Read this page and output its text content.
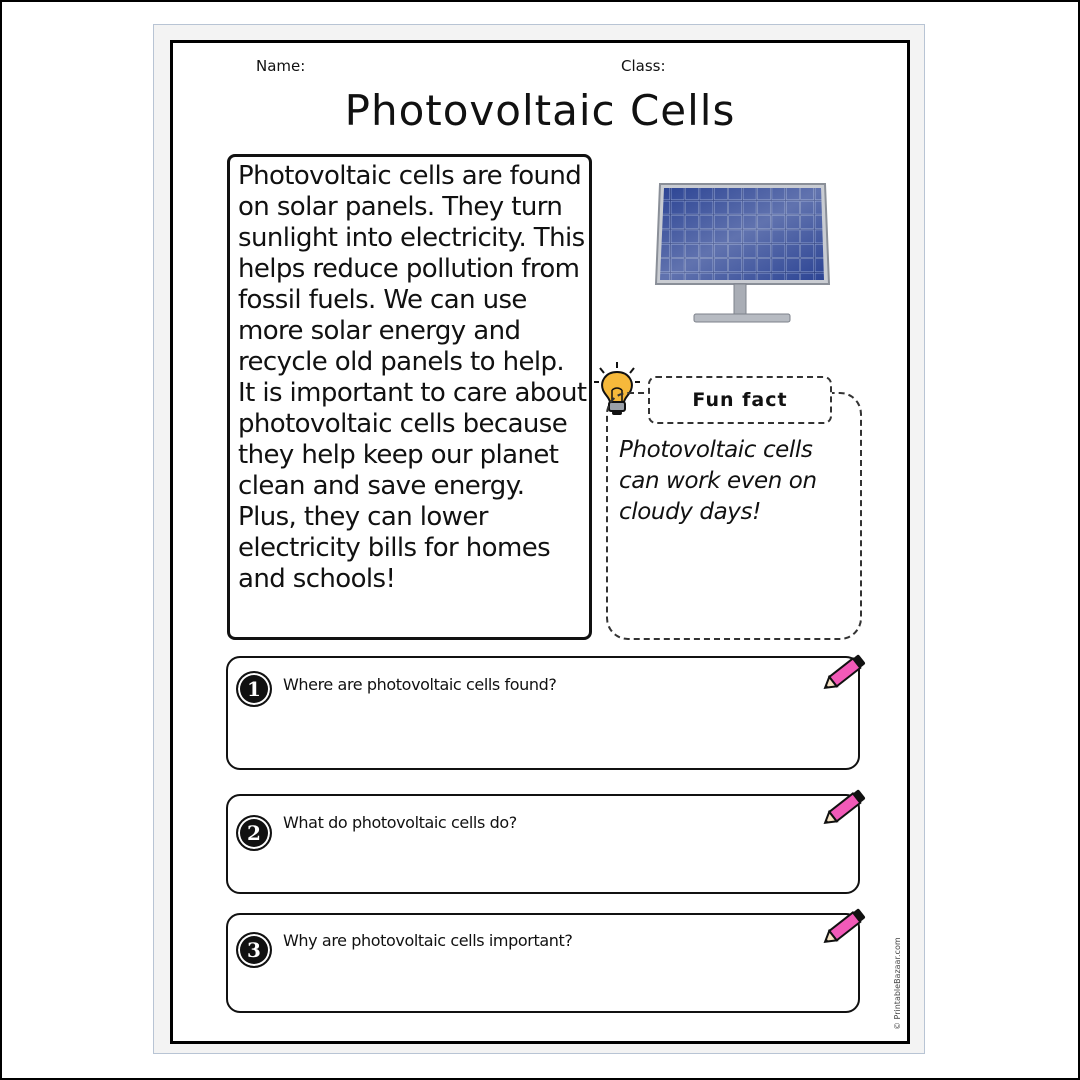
Name:	Class:
Photovoltaic Cells

Photovoltaic cells are found on solar panels. They turn sunlight into electricity. This helps reduce pollution from fossil fuels. We can use more solar energy and recycle old panels to help. It is important to care about photovoltaic cells because they help keep our planet clean and save energy. Plus, they can lower electricity bills for homes and schools!

Fun fact

Photovoltaic cells can work even on cloudy days!

1	Where are photovoltaic cells found?
2	What do photovoltaic cells do?
3	Why are photovoltaic cells important?	© PrintableBazaar.com
